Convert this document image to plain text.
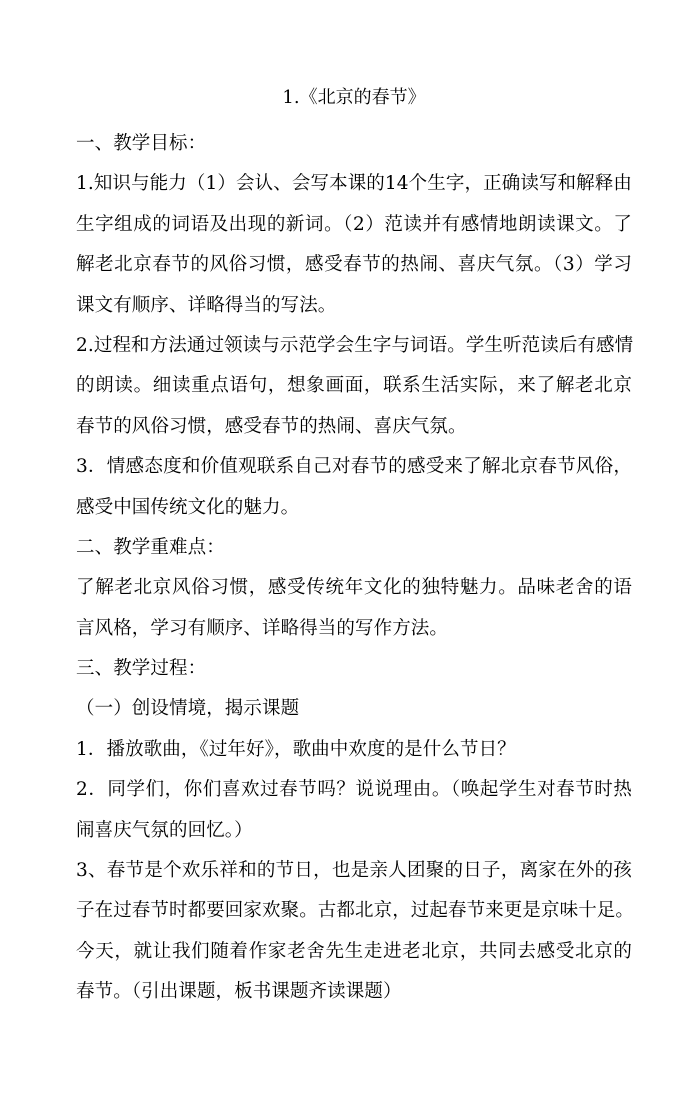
1.《北京的春节》

一、教学目标：

1.知识与能力（1）会认、会写本课的14个生字，正确读写和解释由

生字组成的词语及出现的新词。（2）范读并有感情地朗读课文。了

解老北京春节的风俗习惯，感受春节的热闹、喜庆气氛。（3）学习

课文有顺序、详略得当的写法。

2.过程和方法通过领读与示范学会生字与词语。学生听范读后有感情

的朗读。细读重点语句，想象画面，联系生活实际，来了解老北京

春节的风俗习惯，感受春节的热闹、喜庆气氛。

3．情感态度和价值观联系自己对春节的感受来了解北京春节风俗，

感受中国传统文化的魅力。

二、教学重难点：

了解老北京风俗习惯，感受传统年文化的独特魅力。品味老舍的语

言风格，学习有顺序、详略得当的写作方法。

三、教学过程：

（一）创设情境，揭示课题

1．播放歌曲，《过年好》，歌曲中欢度的是什么节日？

2．同学们，你们喜欢过春节吗？说说理由。（唤起学生对春节时热

闹喜庆气氛的回忆。）

3、春节是个欢乐祥和的节日，也是亲人团聚的日子，离家在外的孩

子在过春节时都要回家欢聚。古都北京，过起春节来更是京味十足。

今天，就让我们随着作家老舍先生走进老北京，共同去感受北京的

春节。（引出课题，板书课题齐读课题）
